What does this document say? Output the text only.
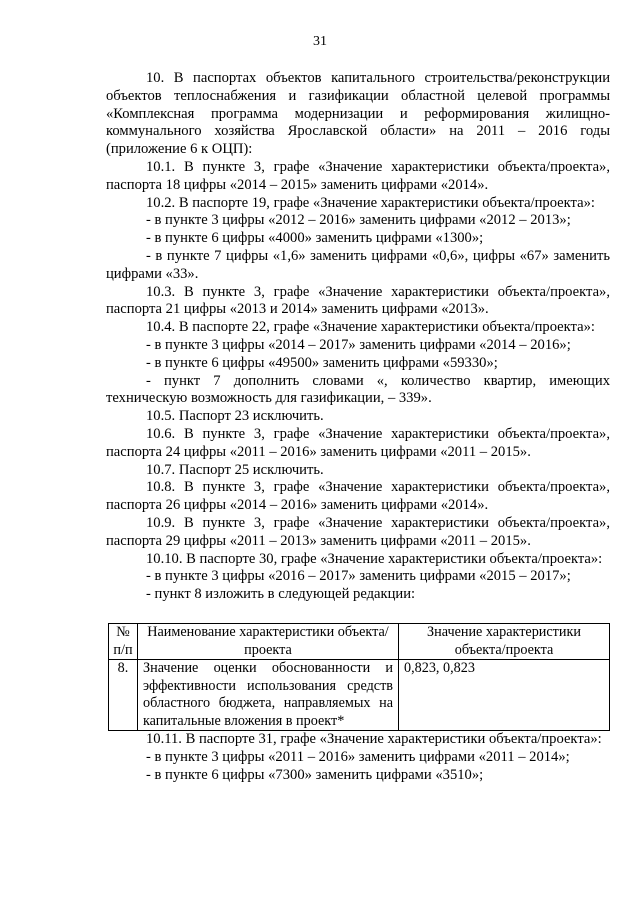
31

10. В паспортах объектов капитального строительства/реконструкции объектов теплоснабжения и газификации областной целевой программы «Комплексная программа модернизации и реформирования жилищно-коммунального хозяйства Ярославской области» на 2011 – 2016 годы (приложение 6 к ОЦП):

10.1. В пункте 3, графе «Значение характеристики объекта/проекта», паспорта 18 цифры «2014 – 2015» заменить цифрами «2014».

10.2. В паспорте 19, графе «Значение характеристики объекта/проекта»:

- в пункте 3 цифры «2012 – 2016» заменить цифрами «2012 – 2013»;

- в пункте 6 цифры «4000» заменить цифрами «1300»;

- в пункте 7 цифры «1,6» заменить цифрами «0,6», цифры «67» заменить цифрами «33».

10.3. В пункте 3, графе «Значение характеристики объекта/проекта», паспорта 21 цифры «2013 и 2014» заменить цифрами «2013».

10.4. В паспорте 22, графе «Значение характеристики объекта/проекта»:

- в пункте 3 цифры «2014 – 2017» заменить цифрами «2014 – 2016»;

- в пункте 6 цифры «49500» заменить цифрами «59330»;

- пункт 7 дополнить словами «, количество квартир, имеющих техническую возможность для газификации, – 339».

10.5. Паспорт 23 исключить.

10.6. В пункте 3, графе «Значение характеристики объекта/проекта», паспорта 24 цифры «2011 – 2016» заменить цифрами «2011 – 2015».

10.7. Паспорт 25 исключить.

10.8. В пункте 3, графе «Значение характеристики объекта/проекта», паспорта 26 цифры «2014 – 2016» заменить цифрами «2014».

10.9. В пункте 3, графе «Значение характеристики объекта/проекта», паспорта 29 цифры «2011 – 2013» заменить цифрами «2011 – 2015».

10.10. В паспорте 30, графе «Значение характеристики объекта/проекта»:

- в пункте 3 цифры «2016 – 2017» заменить цифрами «2015 – 2017»;

- пункт 8 изложить в следующей редакции:

№ п/п	Наименование характеристики объекта/проекта	Значение характеристики объекта/проекта
8.	Значение оценки обоснованности и эффективности использования средств областного бюджета, направляемых на капитальные вложения в проект*	0,823, 0,823

10.11. В паспорте 31, графе «Значение характеристики объекта/проекта»:

- в пункте 3 цифры «2011 – 2016» заменить цифрами «2011 – 2014»;

- в пункте 6 цифры «7300» заменить цифрами «3510»;
